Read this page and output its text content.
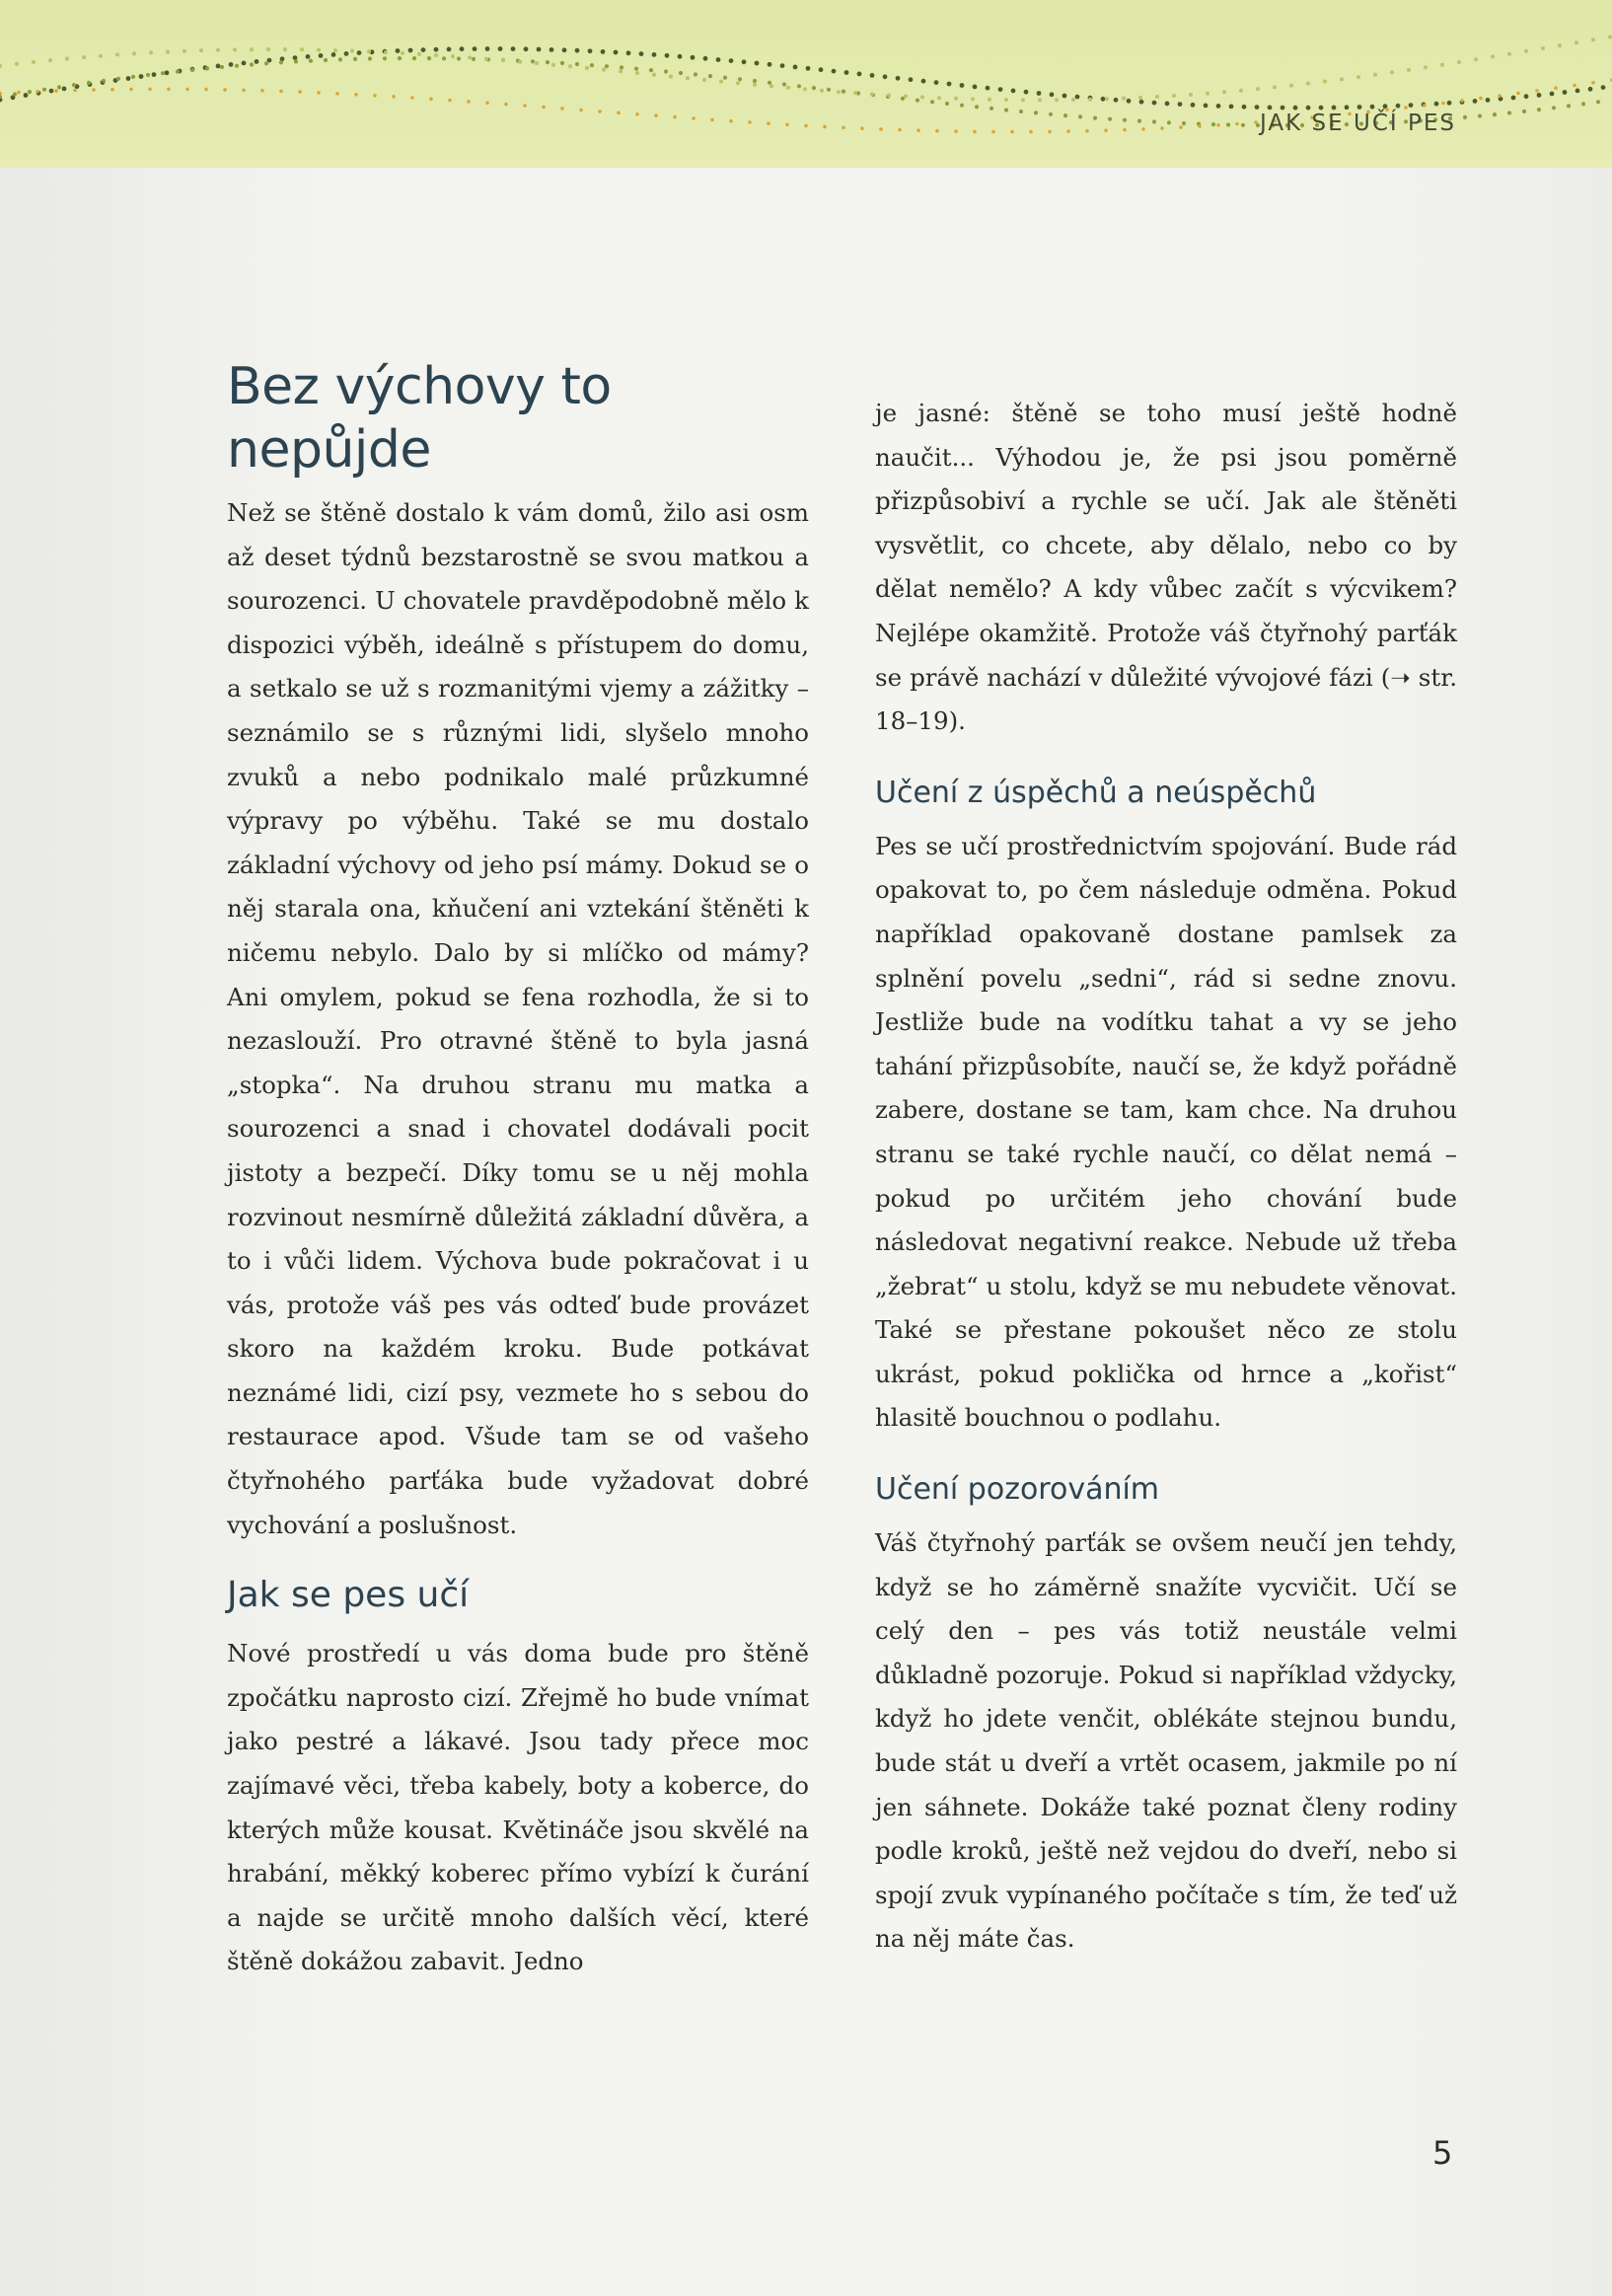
JAK SE UČÍ PES
Bez výchovy to nepůjde

Než se štěně dostalo k vám domů, žilo asi osm až deset týdnů bezstarostně se svou matkou a sourozenci. U chovatele pravděpodobně mělo k dispozici výběh, ideálně s přístupem do domu, a setkalo se už s rozmanitými vjemy a zážitky – seznámilo se s různými lidi, slyšelo mnoho zvuků a nebo podnikalo malé průzkumné výpravy po výběhu. Také se mu dostalo základní výchovy od jeho psí mámy. Dokud se o něj starala ona, kňučení ani vztekání štěněti k ničemu nebylo. Dalo by si mlíčko od mámy? Ani omylem, pokud se fena rozhodla, že si to nezaslouží. Pro otravné štěně to byla jasná „stopka“. Na druhou stranu mu matka a sourozenci a snad i chovatel dodávali pocit jistoty a bezpečí. Díky tomu se u něj mohla rozvinout nesmírně důležitá základní důvěra, a to i vůči lidem. Výchova bude pokračovat i u vás, protože váš pes vás odteď bude provázet skoro na každém kroku. Bude potkávat neznámé lidi, cizí psy, vezmete ho s sebou do restaurace apod. Všude tam se od vašeho čtyřnohého parťáka bude vyžadovat dobré vychování a poslušnost.

Jak se pes učí

Nové prostředí u vás doma bude pro štěně zpočátku naprosto cizí. Zřejmě ho bude vnímat jako pestré a lákavé. Jsou tady přece moc zajímavé věci, třeba kabely, boty a koberce, do kterých může kousat. Květináče jsou skvělé na hrabání, měkký koberec přímo vybízí k čurání a najde se určitě mnoho dalších věcí, které štěně dokážou zabavit. Jedno

je jasné: štěně se toho musí ještě hodně naučit... Výhodou je, že psi jsou poměrně přizpůsobiví a rychle se učí. Jak ale štěněti vysvětlit, co chcete, aby dělalo, nebo co by dělat nemělo? A kdy vůbec začít s výcvikem? Nejlépe okamžitě. Protože váš čtyřnohý parťák se právě nachází v důležité vývojové fázi (➝ str. 18–19).

Učení z úspěchů a neúspěchů

Pes se učí prostřednictvím spojování. Bude rád opakovat to, po čem následuje odměna. Pokud například opakovaně dostane pamlsek za splnění povelu „sedni“, rád si sedne znovu. Jestliže bude na vodítku tahat a vy se jeho tahání přizpůsobíte, naučí se, že když pořádně zabere, dostane se tam, kam chce. Na druhou stranu se také rychle naučí, co dělat nemá – pokud po určitém jeho chování bude následovat negativní reakce. Nebude už třeba „žebrat“ u stolu, když se mu nebudete věnovat. Také se přestane pokoušet něco ze stolu ukrást, pokud poklička od hrnce a „kořist“ hlasitě bouchnou o podlahu.

Učení pozorováním

Váš čtyřnohý parťák se ovšem neučí jen tehdy, když se ho záměrně snažíte vycvičit. Učí se celý den – pes vás totiž neustále velmi důkladně pozoruje. Pokud si například vždycky, když ho jdete venčit, oblékáte stejnou bundu, bude stát u dveří a vrtět ocasem, jakmile po ní jen sáhnete. Dokáže také poznat členy rodiny podle kroků, ještě než vejdou do dveří, nebo si spojí zvuk vypínaného počítače s tím, že teď už na něj máte čas.

5
